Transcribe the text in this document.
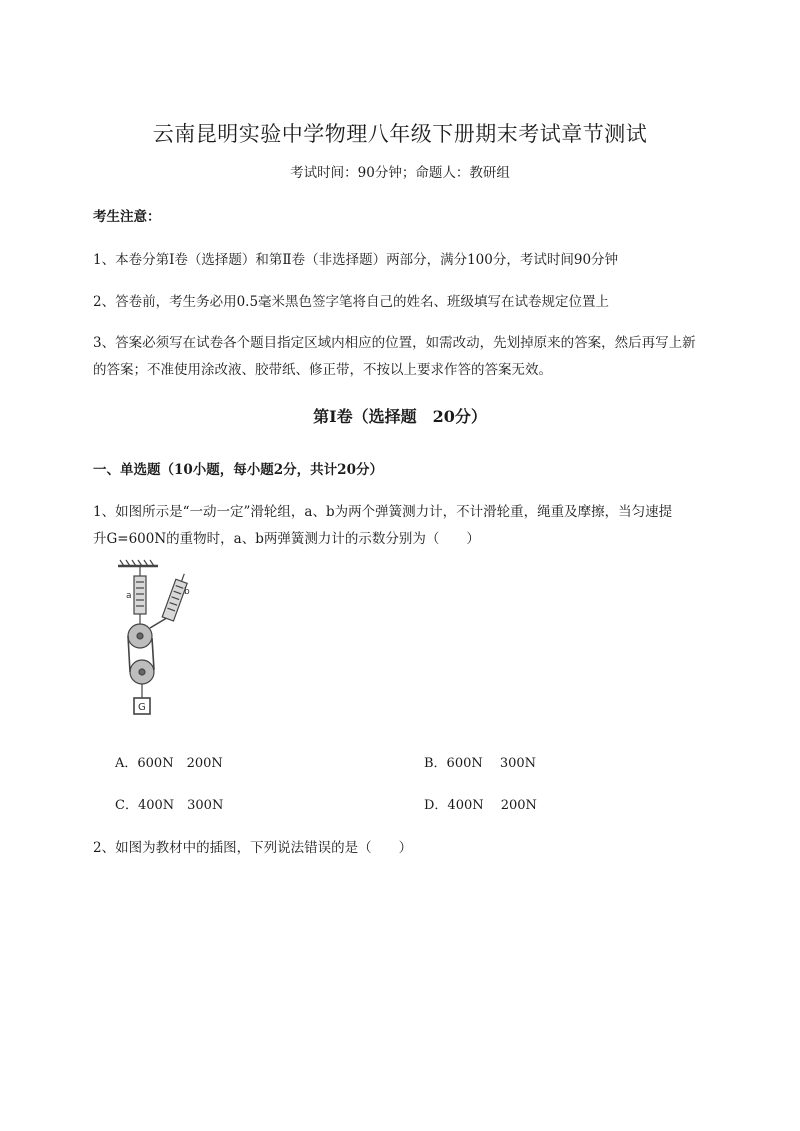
云南昆明实验中学物理八年级下册期末考试章节测试
考试时间：90分钟；命题人：教研组
考生注意：
1、本卷分第I卷（选择题）和第Ⅱ卷（非选择题）两部分，满分100分，考试时间90分钟
2、答卷前，考生务必用0.5毫米黑色签字笔将自己的姓名、班级填写在试卷规定位置上
3、答案必须写在试卷各个题目指定区域内相应的位置，如需改动，先划掉原来的答案，然后再写上新
的答案；不准使用涂改液、胶带纸、修正带，不按以上要求作答的答案无效。
第I卷（选择题　20分）
一、单选题（10小题，每小题2分，共计20分）
1、如图所示是“一动一定”滑轮组，a、b为两个弹簧测力计，不计滑轮重，绳重及摩擦，当匀速提
升G=600N的重物时，a、b两弹簧测力计的示数分别为（　　）
a	b
G
A．600N　200N	B．600N　 300N
C．400N　300N	D．400N　 200N
2、如图为教材中的插图，下列说法错误的是（　　）
